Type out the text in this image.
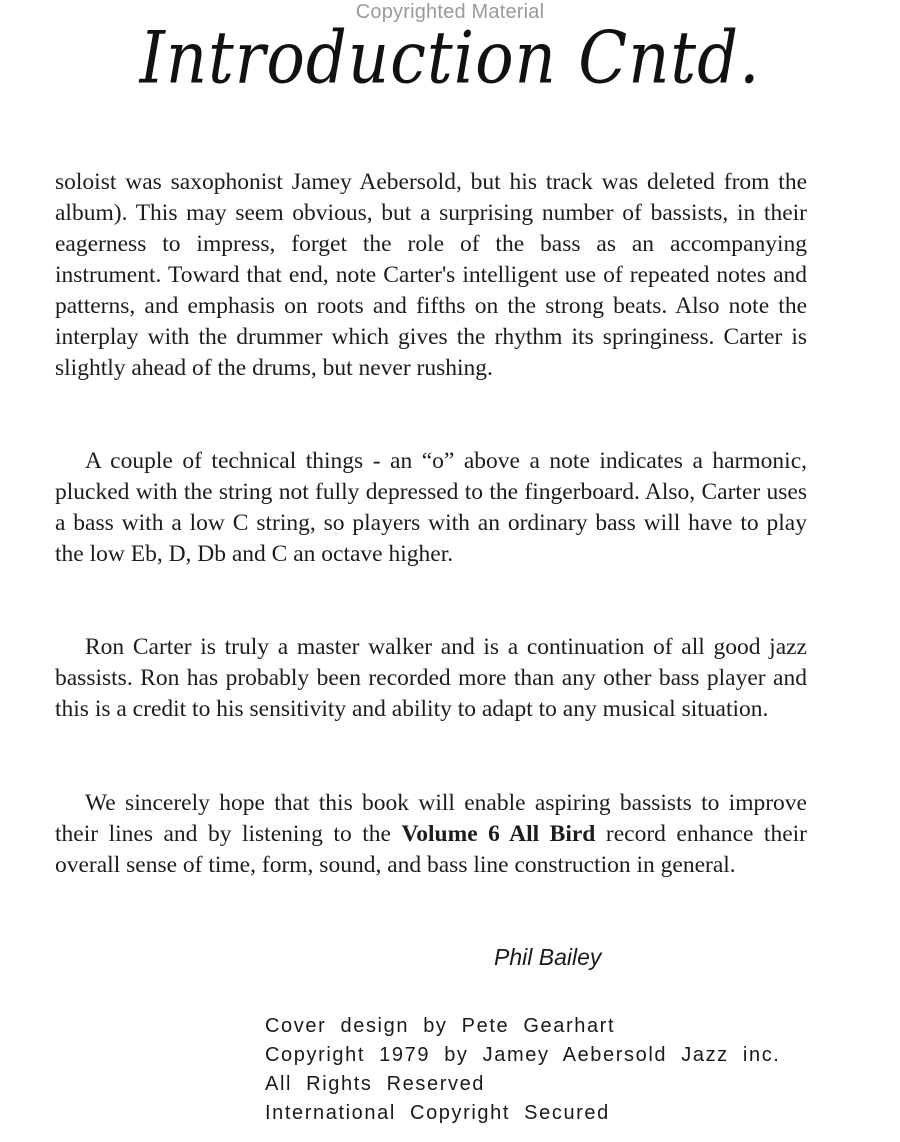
Copyrighted Material
Introduction Cntd.

soloist was saxophonist Jamey Aebersold, but his track was deleted from the album). This may seem obvious, but a surprising number of bassists, in their eagerness to impress, forget the role of the bass as an accompanying instrument. Toward that end, note Carter's intelligent use of repeated notes and patterns, and emphasis on roots and fifths on the strong beats. Also note the interplay with the drummer which gives the rhythm its springiness. Carter is slightly ahead of the drums, but never rushing.

A couple of technical things - an “o” above a note indicates a harmonic, plucked with the string not fully depressed to the fingerboard. Also, Carter uses a bass with a low C string, so players with an ordinary bass will have to play the low Eb, D, Db and C an octave higher.

Ron Carter is truly a master walker and is a continuation of all good jazz bassists. Ron has probably been recorded more than any other bass player and this is a credit to his sensitivity and ability to adapt to any musical situation.

We sincerely hope that this book will enable aspiring bassists to improve their lines and by listening to the Volume 6 All Bird record enhance their overall sense of time, form, sound, and bass line construction in general.

Phil Bailey
Cover design by Pete Gearhart
Copyright 1979 by Jamey Aebersold Jazz inc.
All Rights Reserved
International Copyright Secured
